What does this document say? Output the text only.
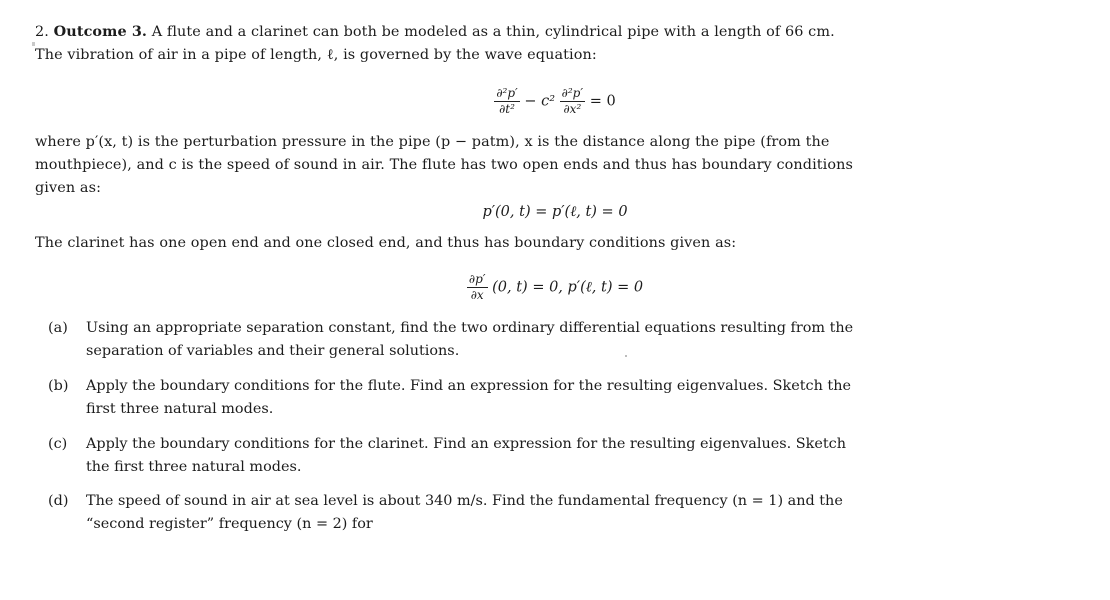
2. Outcome 3. A flute and a clarinet can both be modeled as a thin, cylindrical pipe with a length of 66 cm.
The vibration of air in a pipe of length, ℓ, is governed by the wave equation:
$\frac{\text{∂²p′}}{\text{∂t²}} - c^2 \frac{\text{∂²p′}}{\text{∂x²}} = 0$
where p′(x, t) is the perturbation pressure in the pipe (p − patm), x is the distance along the pipe (from the
mouthpiece), and c is the speed of sound in air. The flute has two open ends and thus has boundary conditions
given as:
p′(0, t) = p′(ℓ, t) = 0
The clarinet has one open end and one closed end, and thus has boundary conditions given as:
$\frac{\partial p'}{\partial x} (0$, t) = 0, p′(ℓ, t) = 0
(a) Using an appropriate separation constant, find the two ordinary differential equations resulting from the
separation of variables and their general solutions.
(b) Apply the boundary conditions for the flute. Find an expression for the resulting eigenvalues. Sketch the
first three natural modes.
(c) Apply the boundary conditions for the clarinet. Find an expression for the resulting eigenvalues. Sketch
the first three natural modes.
(d) The speed of sound in air at sea level is about 340 m/s. Find the fundamental frequency (n = 1) and the
“second register” frequency (n = 2) for
